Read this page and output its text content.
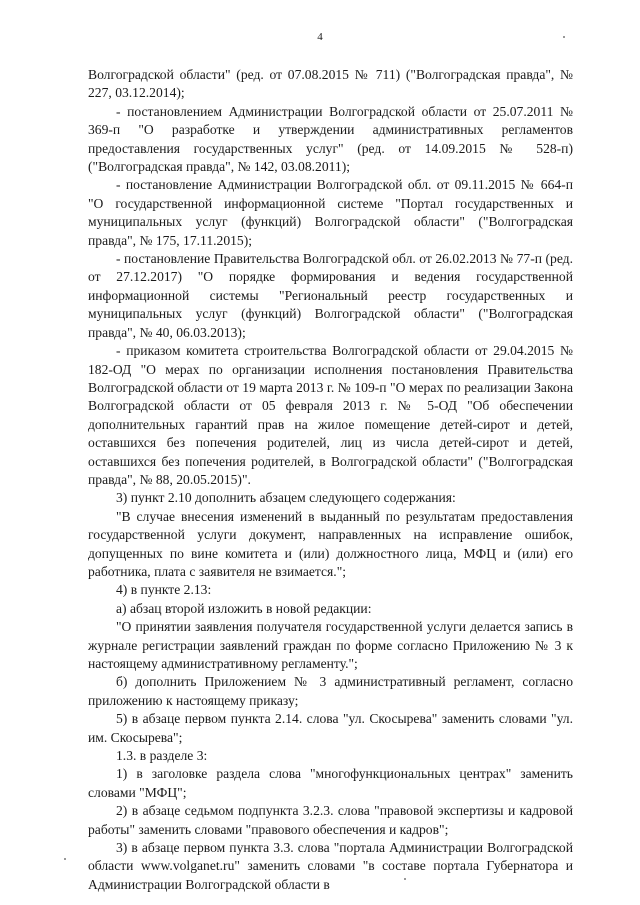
4

Волгоградской области" (ред. от 07.08.2015 № 711) ("Волгоградская правда", № 227, 03.12.2014);

- постановлением Администрации Волгоградской области от 25.07.2011 № 369-п "О разработке и утверждении административных регламентов предоставления государственных услуг" (ред. от 14.09.2015 № 528-п) ("Волгоградская правда", № 142, 03.08.2011);

- постановление Администрации Волгоградской обл. от 09.11.2015 № 664-п "О государственной информационной системе "Портал государственных и муниципальных услуг (функций) Волгоградской области" ("Волгоградская правда", № 175, 17.11.2015);

- постановление Правительства Волгоградской обл. от 26.02.2013 № 77-п (ред. от 27.12.2017) "О порядке формирования и ведения государственной информационной системы "Региональный реестр государственных и муниципальных услуг (функций) Волгоградской области" ("Волгоградская правда", № 40, 06.03.2013);

- приказом комитета строительства Волгоградской области от 29.04.2015 № 182-ОД "О мерах по организации исполнения постановления Правительства Волгоградской области от 19 марта 2013 г. № 109-п "О мерах по реализации Закона Волгоградской области от 05 февраля 2013 г. № 5-ОД "Об обеспечении дополнительных гарантий прав на жилое помещение детей-сирот и детей, оставшихся без попечения родителей, лиц из числа детей-сирот и детей, оставшихся без попечения родителей, в Волгоградской области" ("Волгоградская правда", № 88, 20.05.2015)".

3) пункт 2.10 дополнить абзацем следующего содержания:

"В случае внесения изменений в выданный по результатам предоставления государственной услуги документ, направленных на исправление ошибок, допущенных по вине комитета и (или) должностного лица, МФЦ и (или) его работника, плата с заявителя не взимается.";

4) в пункте 2.13:

а) абзац второй изложить в новой редакции:

"О принятии заявления получателя государственной услуги делается запись в журнале регистрации заявлений граждан по форме согласно Приложению № 3 к настоящему административному регламенту.";

б) дополнить Приложением № 3 административный регламент, согласно приложению к настоящему приказу;

5) в абзаце первом пункта 2.14. слова "ул. Скосырева" заменить словами "ул. им. Скосырева";

1.3. в разделе 3:

1) в заголовке раздела слова "многофункциональных центрах" заменить словами "МФЦ";

2) в абзаце седьмом подпункта 3.2.3. слова "правовой экспертизы и кадровой работы" заменить словами "правового обеспечения и кадров";

3) в абзаце первом пункта 3.3. слова "портала Администрации Волгоградской области www.volganet.ru" заменить словами "в составе портала Губернатора и Администрации Волгоградской области в
